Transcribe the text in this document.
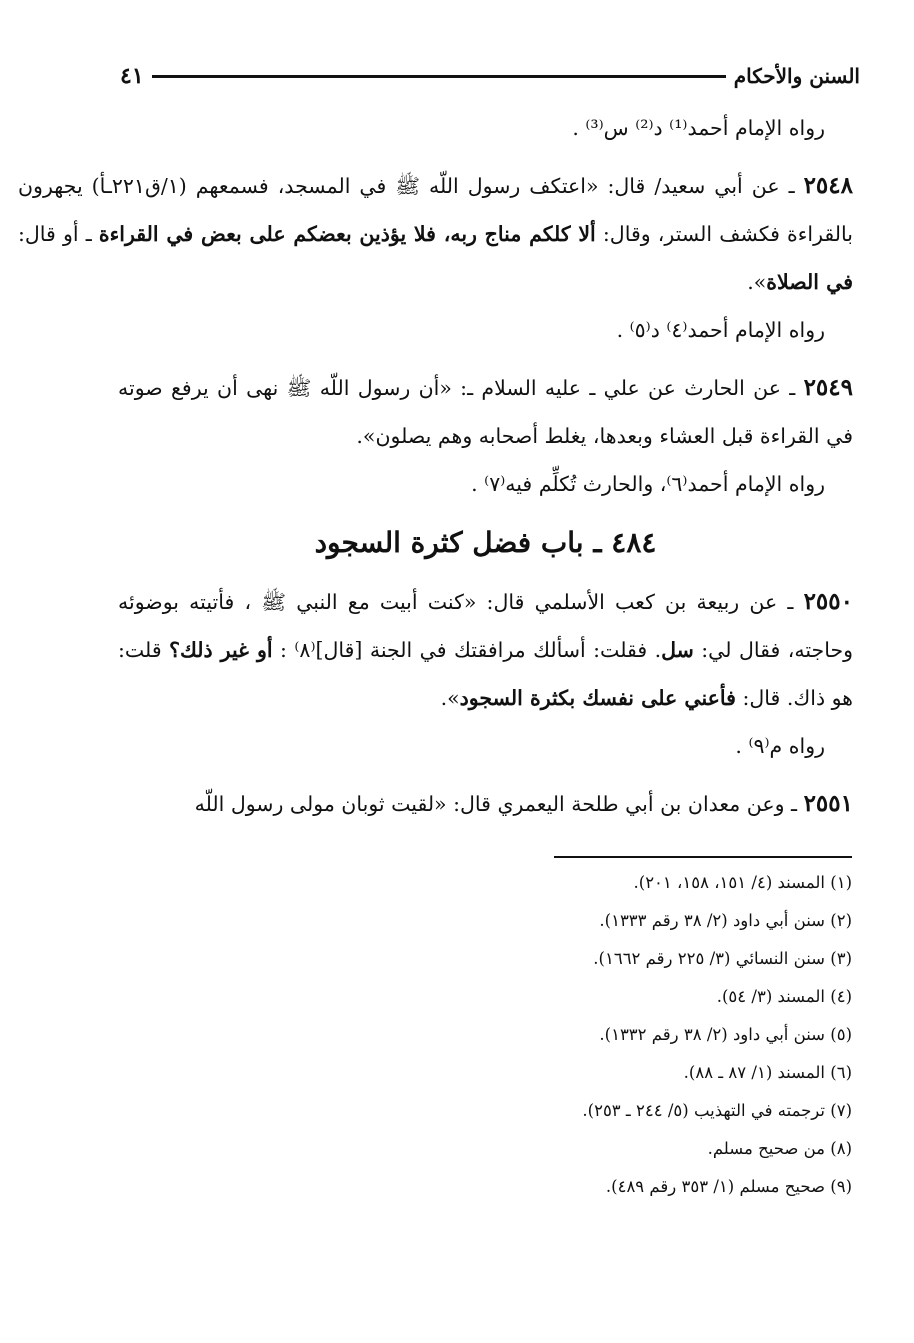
السنن والأحكام
٤١

رواه الإمام أحمد⁽¹⁾ د⁽²⁾ س⁽³⁾ .

٢٥٤٨ ـ عن أبي سعيد/ قال: «اعتكف رسول اللّه ﷺ في المسجد، فسمعهم (١/ق٢٢١ـأ) يجهرون بالقراءة فكشف الستر، وقال: ألا كلكم مناج ربه، فلا يؤذين بعضكم على بعض في القراءة ـ أو قال: في الصلاة».

رواه الإمام أحمد⁽٤⁾ د⁽٥⁾ .

٢٥٤٩ ـ عن الحارث عن علي ـ عليه السلام ـ: «أن رسول اللّه ﷺ نهى أن يرفع صوته في القراءة قبل العشاء وبعدها، يغلط أصحابه وهم يصلون».

رواه الإمام أحمد⁽٦⁾، والحارث تُكلِّم فيه⁽٧⁾ .

٤٨٤ ـ باب فضل كثرة السجود

٢٥٥٠ ـ عن ربيعة بن كعب الأسلمي قال: «كنت أبيت مع النبي ﷺ ، فأتيته بوضوئه وحاجته، فقال لي: سل. فقلت: أسألك مرافقتك في الجنة [قال]⁽٨⁾ : أو غير ذلك؟ قلت: هو ذاك. قال: فأعني على نفسك بكثرة السجود».

رواه م⁽٩⁾ .

٢٥٥١ ـ وعن معدان بن أبي طلحة اليعمري قال: «لقيت ثوبان مولى رسول اللّه

(١) المسند (٤/ ١٥١، ١٥٨، ٢٠١).
(٢) سنن أبي داود (٢/ ٣٨ رقم ١٣٣٣).
(٣) سنن النسائي (٣/ ٢٢٥ رقم ١٦٦٢).
(٤) المسند (٣/ ٥٤).
(٥) سنن أبي داود (٢/ ٣٨ رقم ١٣٣٢).
(٦) المسند (١/ ٨٧ ـ ٨٨).
(٧) ترجمته في التهذيب (٥/ ٢٤٤ ـ ٢٥٣).
(٨) من صحيح مسلم.
(٩) صحيح مسلم (١/ ٣٥٣ رقم ٤٨٩).
